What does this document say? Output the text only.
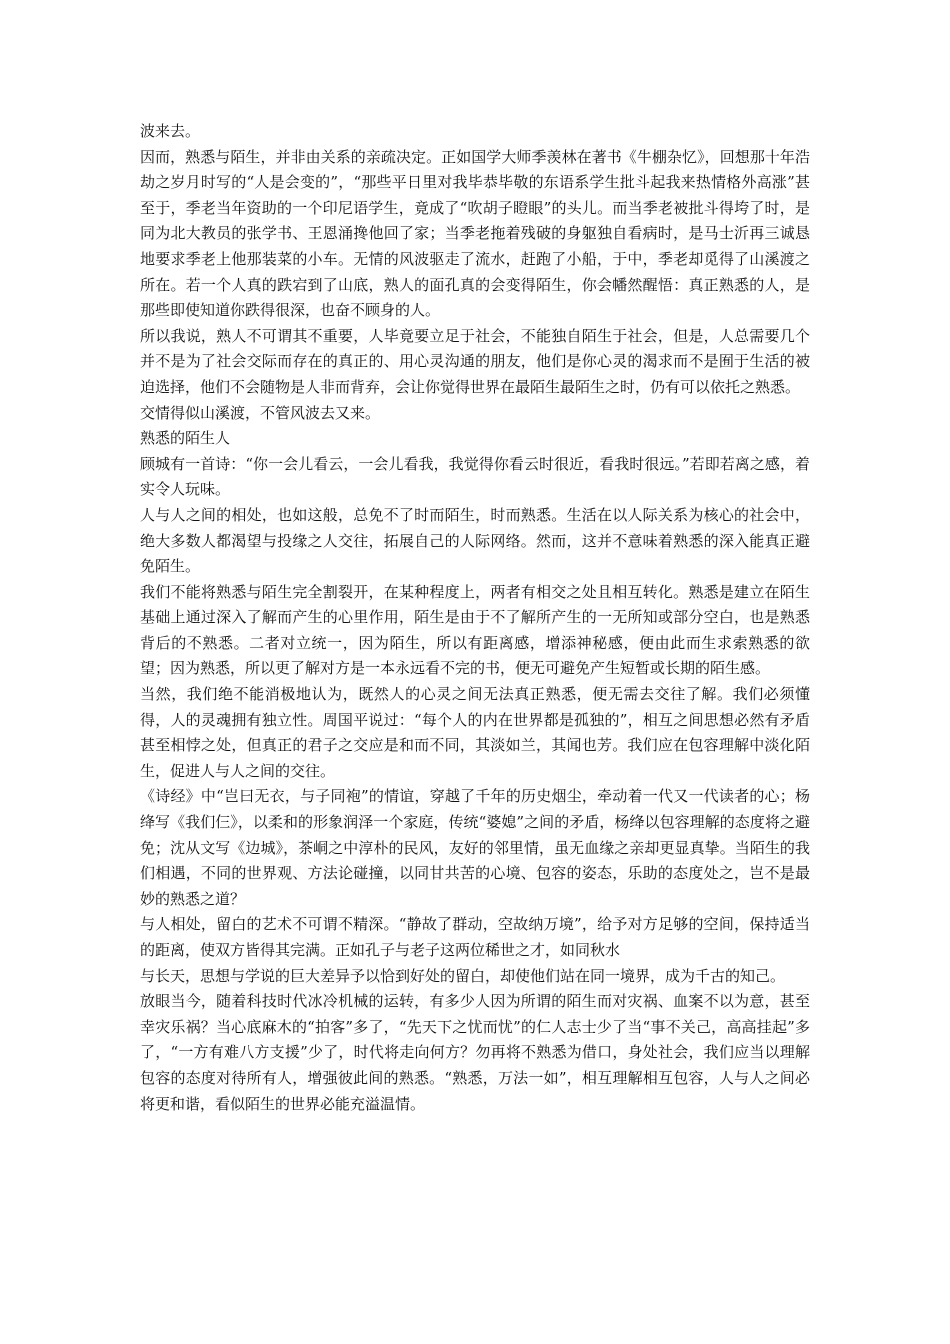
波来去。

因而，熟悉与陌生，并非由关系的亲疏决定。正如国学大师季羡林在著书《牛棚杂忆》，回想那十年浩劫之岁月时写的“人是会变的”，“那些平日里对我毕恭毕敬的东语系学生批斗起我来热情格外高涨”甚至于，季老当年资助的一个印尼语学生，竟成了“吹胡子瞪眼”的头儿。而当季老被批斗得垮了时，是同为北大教员的张学书、王恩涌搀他回了家；当季老拖着残破的身躯独自看病时，是马士沂再三诚恳地要求季老上他那装菜的小车。无情的风波驱走了流水，赶跑了小船，于中，季老却觅得了山溪渡之所在。若一个人真的跌宕到了山底，熟人的面孔真的会变得陌生，你会幡然醒悟：真正熟悉的人，是那些即使知道你跌得很深，也奋不顾身的人。

所以我说，熟人不可谓其不重要，人毕竟要立足于社会，不能独自陌生于社会，但是，人总需要几个并不是为了社会交际而存在的真正的、用心灵沟通的朋友，他们是你心灵的渴求而不是囿于生活的被迫选择，他们不会随物是人非而背弃，会让你觉得世界在最陌生最陌生之时，仍有可以依托之熟悉。

交情得似山溪渡，不管风波去又来。

熟悉的陌生人

顾城有一首诗：“你一会儿看云，一会儿看我，我觉得你看云时很近，看我时很远。”若即若离之感，着实令人玩味。

人与人之间的相处，也如这般，总免不了时而陌生，时而熟悉。生活在以人际关系为核心的社会中，绝大多数人都渴望与投缘之人交往，拓展自己的人际网络。然而，这并不意味着熟悉的深入能真正避免陌生。

我们不能将熟悉与陌生完全割裂开，在某种程度上，两者有相交之处且相互转化。熟悉是建立在陌生基础上通过深入了解而产生的心里作用，陌生是由于不了解所产生的一无所知或部分空白，也是熟悉背后的不熟悉。二者对立统一，因为陌生，所以有距离感，增添神秘感，便由此而生求索熟悉的欲望；因为熟悉，所以更了解对方是一本永远看不完的书，便无可避免产生短暂或长期的陌生感。

当然，我们绝不能消极地认为，既然人的心灵之间无法真正熟悉，便无需去交往了解。我们必须懂得，人的灵魂拥有独立性。周国平说过：“每个人的内在世界都是孤独的”，相互之间思想必然有矛盾甚至相悖之处，但真正的君子之交应是和而不同，其淡如兰，其闻也芳。我们应在包容理解中淡化陌生，促进人与人之间的交往。

《诗经》中“岂曰无衣，与子同袍”的情谊，穿越了千年的历史烟尘，牵动着一代又一代读者的心；杨绛写《我们仨》，以柔和的形象润泽一个家庭，传统“婆媳”之间的矛盾，杨绛以包容理解的态度将之避免；沈从文写《边城》，茶峒之中淳朴的民风，友好的邻里情，虽无血缘之亲却更显真挚。当陌生的我们相遇，不同的世界观、方法论碰撞，以同甘共苦的心境、包容的姿态，乐助的态度处之，岂不是最妙的熟悉之道？

与人相处，留白的艺术不可谓不精深。“静故了群动，空故纳万境”，给予对方足够的空间，保持适当的距离，使双方皆得其完满。正如孔子与老子这两位稀世之才，如同秋水

与长天，思想与学说的巨大差异予以恰到好处的留白，却使他们站在同一境界，成为千古的知己。

放眼当今，随着科技时代冰冷机械的运转，有多少人因为所谓的陌生而对灾祸、血案不以为意，甚至幸灾乐祸？当心底麻木的“拍客”多了，“先天下之忧而忧”的仁人志士少了当“事不关己，高高挂起”多了，“一方有难八方支援”少了，时代将走向何方？勿再将不熟悉为借口，身处社会，我们应当以理解包容的态度对待所有人，增强彼此间的熟悉。“熟悉，万法一如”，相互理解相互包容，人与人之间必将更和谐，看似陌生的世界必能充溢温情。
